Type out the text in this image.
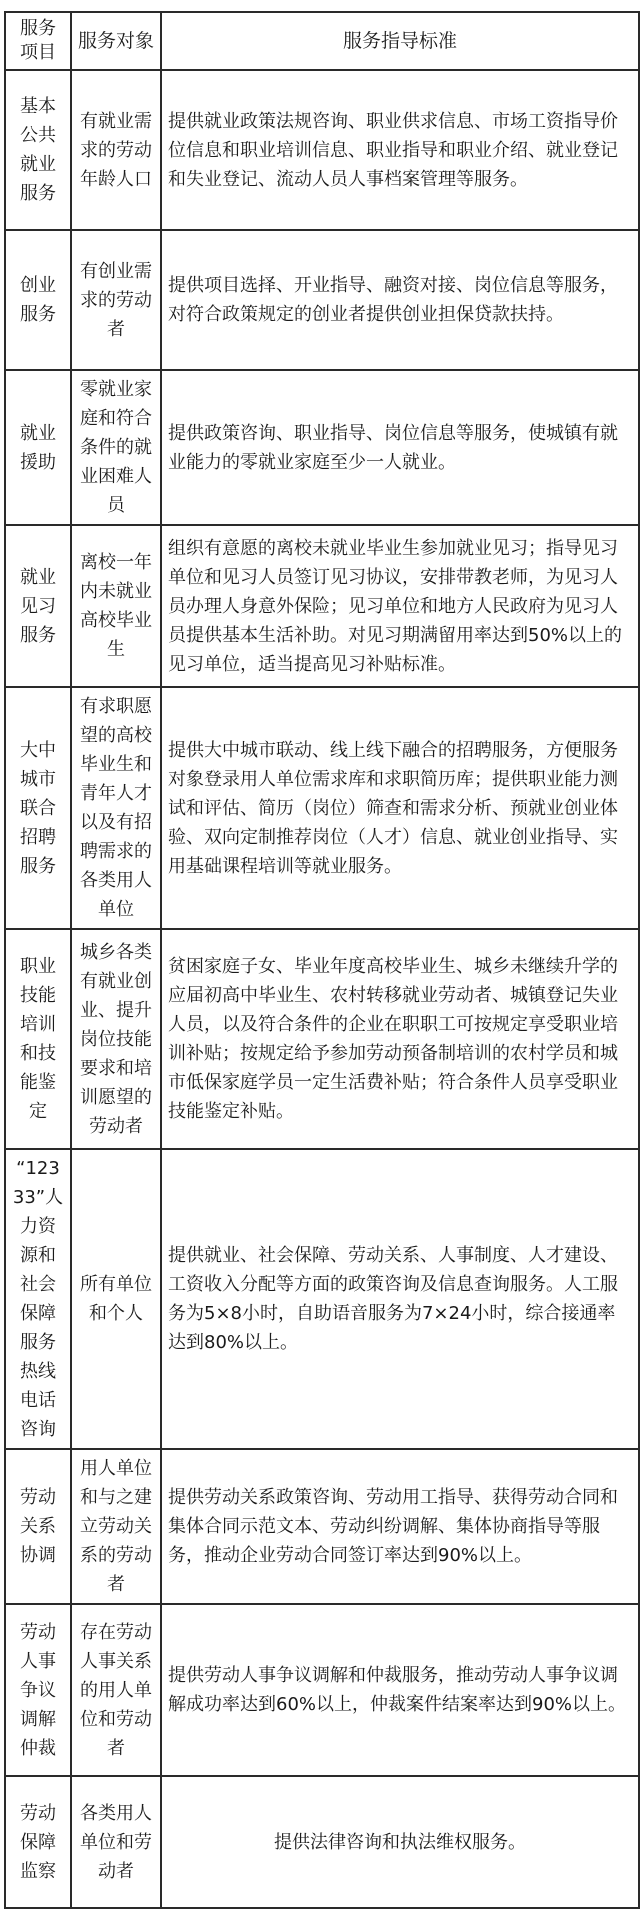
服务项目	服务对象	服务指导标准
基本公共就业服务	有就业需求的劳动年龄人口	提供就业政策法规咨询、职业供求信息、市场工资指导价位信息和职业培训信息、职业指导和职业介绍、就业登记和失业登记、流动人员人事档案管理等服务。
创业服务	有创业需求的劳动者	提供项目选择、开业指导、融资对接、岗位信息等服务，对符合政策规定的创业者提供创业担保贷款扶持。
就业援助	零就业家庭和符合条件的就业困难人员	提供政策咨询、职业指导、岗位信息等服务，使城镇有就业能力的零就业家庭至少一人就业。
就业见习服务	离校一年内未就业高校毕业生	组织有意愿的离校未就业毕业生参加就业见习；指导见习单位和见习人员签订见习协议，安排带教老师，为见习人员办理人身意外保险；见习单位和地方人民政府为见习人员提供基本生活补助。对见习期满留用率达到50%以上的见习单位，适当提高见习补贴标准。
大中城市联合招聘服务	有求职愿望的高校毕业生和青年人才以及有招聘需求的各类用人单位	提供大中城市联动、线上线下融合的招聘服务，方便服务对象登录用人单位需求库和求职简历库；提供职业能力测试和评估、简历（岗位）筛查和需求分析、预就业创业体验、双向定制推荐岗位（人才）信息、就业创业指导、实用基础课程培训等就业服务。
职业技能培训和技能鉴定	城乡各类有就业创业、提升岗位技能要求和培训愿望的劳动者	贫困家庭子女、毕业年度高校毕业生、城乡未继续升学的应届初高中毕业生、农村转移就业劳动者、城镇登记失业人员，以及符合条件的企业在职职工可按规定享受职业培训补贴；按规定给予参加劳动预备制培训的农村学员和城市低保家庭学员一定生活费补贴；符合条件人员享受职业技能鉴定补贴。
“12333”人力资源和社会保障服务热线电话咨询	所有单位和个人	提供就业、社会保障、劳动关系、人事制度、人才建设、工资收入分配等方面的政策咨询及信息查询服务。人工服务为5×8小时，自助语音服务为7×24小时，综合接通率达到80%以上。
劳动关系协调	用人单位和与之建立劳动关系的劳动者	提供劳动关系政策咨询、劳动用工指导、获得劳动合同和集体合同示范文本、劳动纠纷调解、集体协商指导等服务，推动企业劳动合同签订率达到90%以上。
劳动人事争议调解仲裁	存在劳动人事关系的用人单位和劳动者	提供劳动人事争议调解和仲裁服务，推动劳动人事争议调解成功率达到60%以上，仲裁案件结案率达到90%以上。
劳动保障监察	各类用人单位和劳动者	提供法律咨询和执法维权服务。
